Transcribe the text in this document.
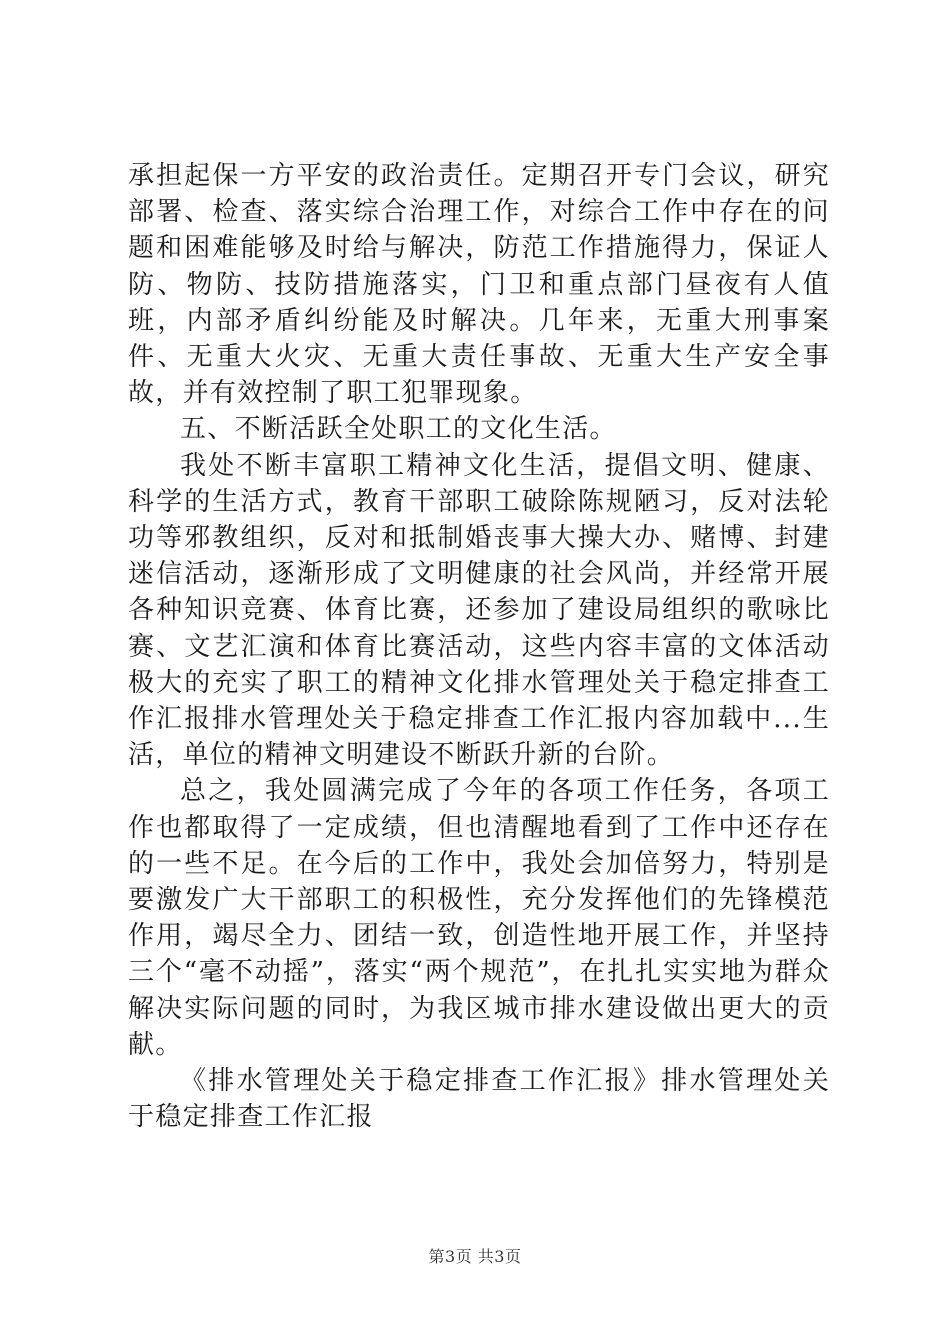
承担起保一方平安的政治责任。定期召开专门会议，研究部署、检查、落实综合治理工作，对综合工作中存在的问题和困难能够及时给与解决，防范工作措施得力，保证人防、物防、技防措施落实，门卫和重点部门昼夜有人值班，内部矛盾纠纷能及时解决。几年来，无重大刑事案件、无重大火灾、无重大责任事故、无重大生产安全事故，并有效控制了职工犯罪现象。

五、不断活跃全处职工的文化生活。

我处不断丰富职工精神文化生活，提倡文明、健康、科学的生活方式，教育干部职工破除陈规陋习，反对法轮功等邪教组织，反对和抵制婚丧事大操大办、赌博、封建迷信活动，逐渐形成了文明健康的社会风尚，并经常开展各种知识竞赛、体育比赛，还参加了建设局组织的歌咏比赛、文艺汇演和体育比赛活动，这些内容丰富的文体活动极大的充实了职工的精神文化排水管理处关于稳定排查工作汇报排水管理处关于稳定排查工作汇报内容加载中...生活，单位的精神文明建设不断跃升新的台阶。

总之，我处圆满完成了今年的各项工作任务，各项工作也都取得了一定成绩，但也清醒地看到了工作中还存在的一些不足。在今后的工作中，我处会加倍努力，特别是要激发广大干部职工的积极性，充分发挥他们的先锋模范作用，竭尽全力、团结一致，创造性地开展工作，并坚持三个“毫不动摇”，落实“两个规范”，在扎扎实实地为群众解决实际问题的同时，为我区城市排水建设做出更大的贡献。

《排水管理处关于稳定排查工作汇报》排水管理处关于稳定排查工作汇报

第3页 共3页
